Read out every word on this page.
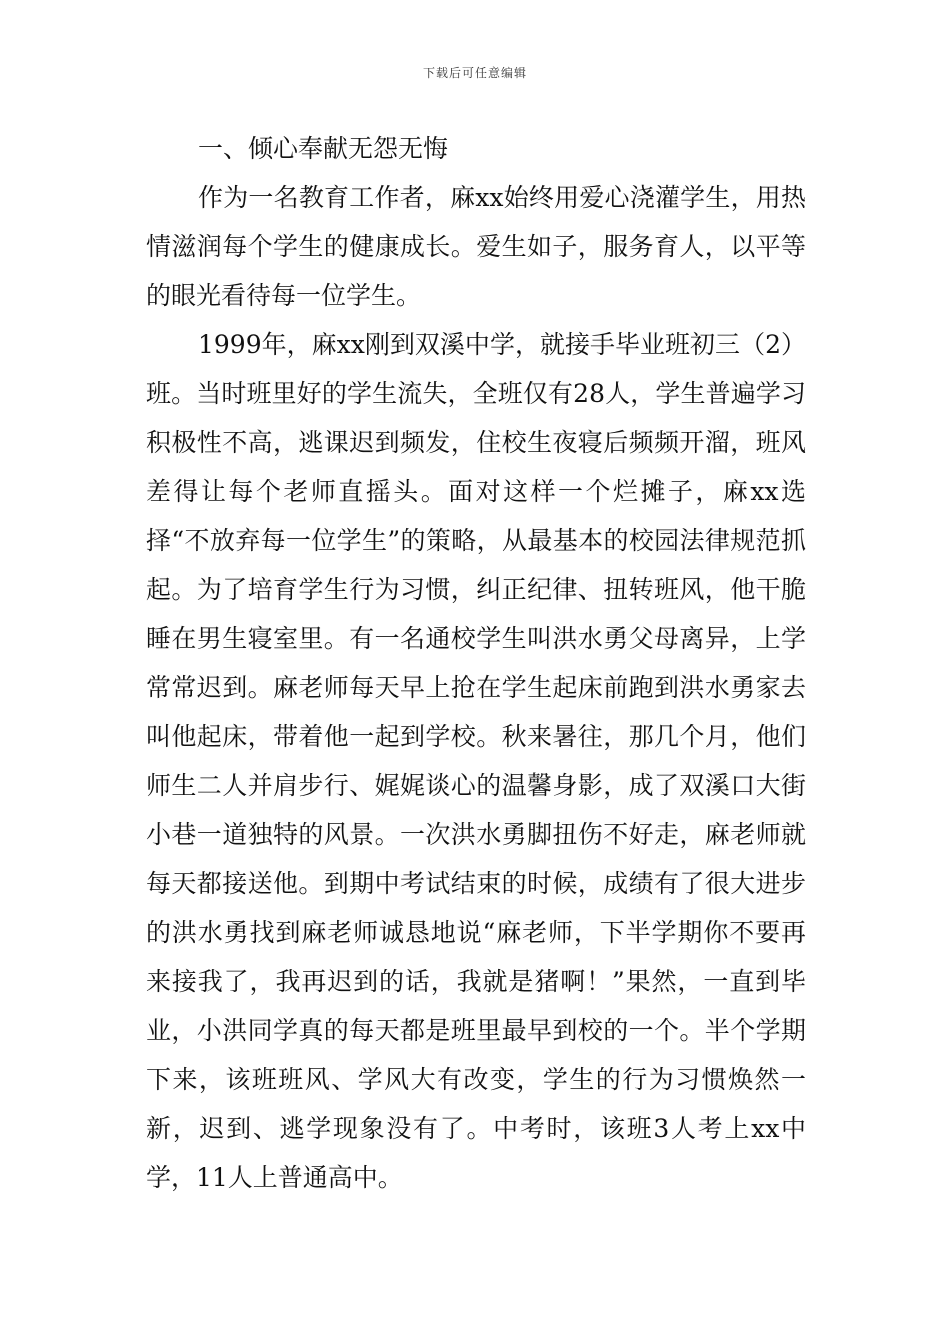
下载后可任意编辑
一、倾心奉献无怨无悔

作为一名教育工作者，麻xx始终用爱心浇灌学生，用热情滋润每个学生的健康成长。爱生如子，服务育人，以平等的眼光看待每一位学生。

1999年，麻xx刚到双溪中学，就接手毕业班初三（2）班。当时班里好的学生流失，全班仅有28人，学生普遍学习积极性不高，逃课迟到频发，住校生夜寝后频频开溜，班风差得让每个老师直摇头。面对这样一个烂摊子，麻xx选择“不放弃每一位学生”的策略，从最基本的校园法律规范抓起。为了培育学生行为习惯，纠正纪律、扭转班风，他干脆睡在男生寝室里。有一名通校学生叫洪水勇父母离异，上学常常迟到。麻老师每天早上抢在学生起床前跑到洪水勇家去叫他起床，带着他一起到学校。秋来暑往，那几个月，他们师生二人并肩步行、娓娓谈心的温馨身影，成了双溪口大街小巷一道独特的风景。一次洪水勇脚扭伤不好走，麻老师就每天都接送他。到期中考试结束的时候，成绩有了很大进步的洪水勇找到麻老师诚恳地说“麻老师，下半学期你不要再来接我了，我再迟到的话，我就是猪啊！”果然，一直到毕业，小洪同学真的每天都是班里最早到校的一个。半个学期下来，该班班风、学风大有改变，学生的行为习惯焕然一新，迟到、逃学现象没有了。中考时，该班3人考上xx中学，11人上普通高中。
